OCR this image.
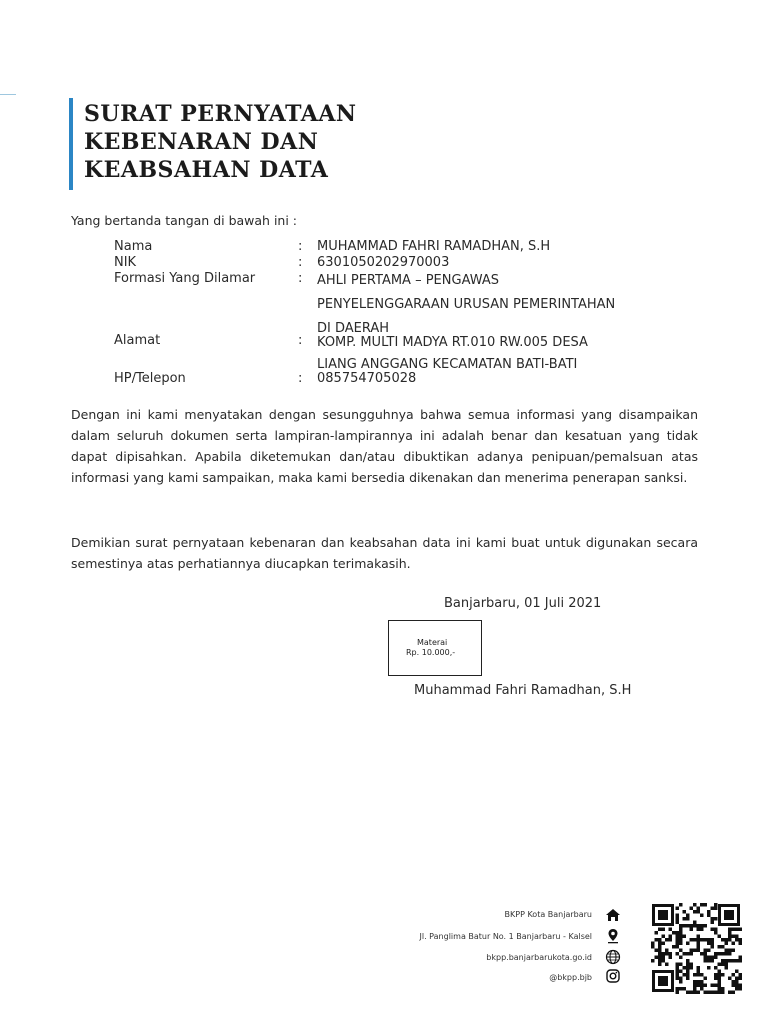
SURAT PERNYATAAN
KEBENARAN DAN
KEABSAHAN DATA
Yang bertanda tangan di bawah ini :
Nama	: MUHAMMAD FAHRI RAMADHAN, S.H
NIK	: 6301050202970003
Formasi Yang Dilamar	: AHLI PERTAMA – PENGAWAS
PENYELENGGARAAN URUSAN PEMERINTAHAN
DI DAERAH
Alamat	: KOMP. MULTI MADYA RT.010 RW.005 DESA
LIANG ANGGANG KECAMATAN BATI-BATI
HP/Telepon	: 085754705028

Dengan ini kami menyatakan dengan sesungguhnya bahwa semua informasi yang disampaikan dalam seluruh dokumen serta lampiran-lampirannya ini adalah benar dan kesatuan yang tidak dapat dipisahkan. Apabila diketemukan dan/atau dibuktikan adanya penipuan/pemalsuan atas informasi yang kami sampaikan, maka kami bersedia dikenakan dan menerima penerapan sanksi.

Demikian surat pernyataan kebenaran dan keabsahan data ini kami buat untuk digunakan secara semestinya atas perhatiannya diucapkan terimakasih.

Banjarbaru, 01 Juli 2021
Materai
Rp. 10.000,-
Muhammad Fahri Ramadhan, S.H
BKPP Kota Banjarbaru
Jl. Panglima Batur No. 1 Banjarbaru - Kalsel
bkpp.banjarbarukota.go.id
@bkpp.bjb
